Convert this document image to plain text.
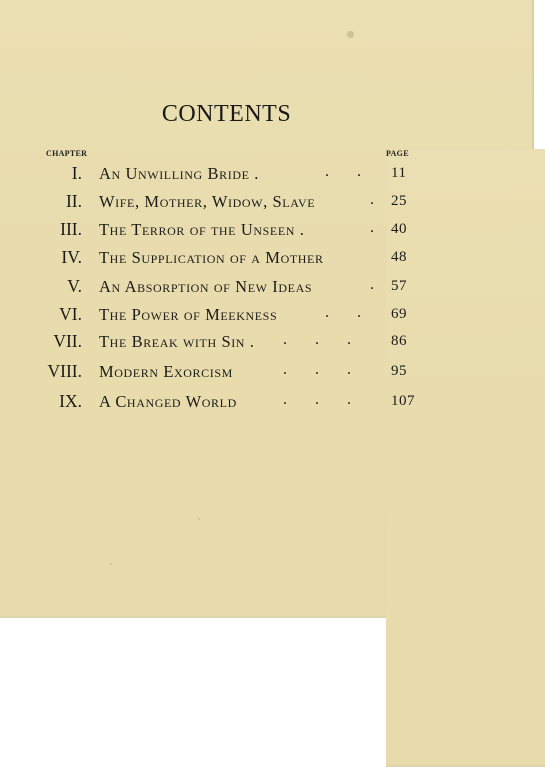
CONTENTS
CHAPTER	PAGE
I. An Unwilling Bride .	.       . 11
II. Wife, Mother, Widow, Slave	. 25
III. The Terror of the Unseen .	. 40
IV. The Supplication of a Mother	48
V. An Absorption of New Ideas	. 57
VI. The Power of Meekness	.       . 69
VII. The Break with Sin . .       .       .	86
VIII. Modern Exorcism	.       .       .	95
IX. A Changed World	.       .       .	107
